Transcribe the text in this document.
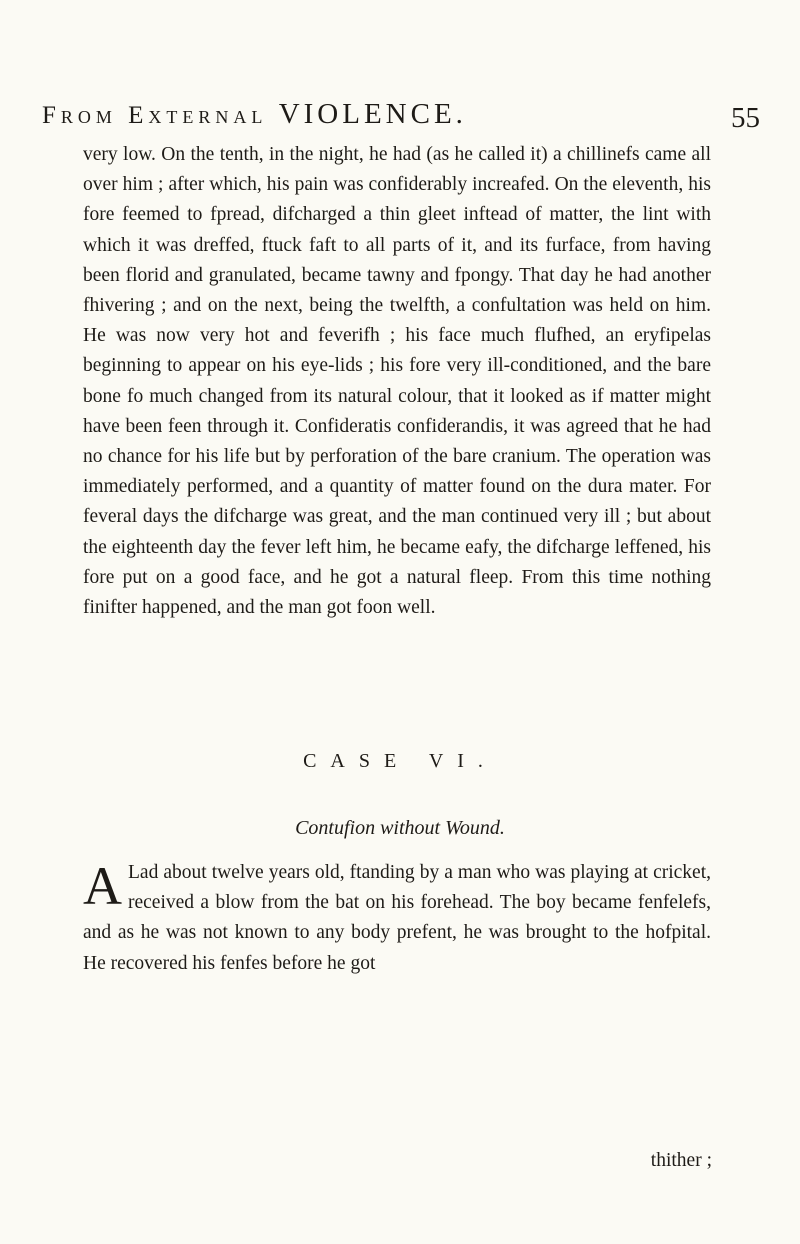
From External VIOLENCE.	55

very low. On the tenth, in the night, he had (as he called it) a chillinefs came all over him ; after which, his pain was confiderably increafed. On the eleventh, his fore feemed to fpread, difcharged a thin gleet inftead of matter, the lint with which it was dreffed, ftuck faft to all parts of it, and its furface, from having been florid and granulated, became tawny and fpongy. That day he had another fhivering ; and on the next, being the twelfth, a confultation was held on him. He was now very hot and feverifh ; his face much flufhed, an eryfipelas beginning to appear on his eye-lids ; his fore very ill-conditioned, and the bare bone fo much changed from its natural colour, that it looked as if matter might have been feen through it. Confideratis confiderandis, it was agreed that he had no chance for his life but by perforation of the bare cranium. The operation was immediately performed, and a quantity of matter found on the dura mater. For feveral days the difcharge was great, and the man continued very ill ; but about the eighteenth day the fever left him, he became eafy, the difcharge leffened, his fore put on a good face, and he got a natural fleep. From this time nothing finifter happened, and the man got foon well.

CASE VI.
Contufion without Wound.
A Lad about twelve years old, ftanding by a man who was playing at cricket, received a blow from the bat on his forehead. The boy became fenfelefs, and as he was not known to any body prefent, he was brought to the hofpital. He recovered his fenfes before he got

thither ;
